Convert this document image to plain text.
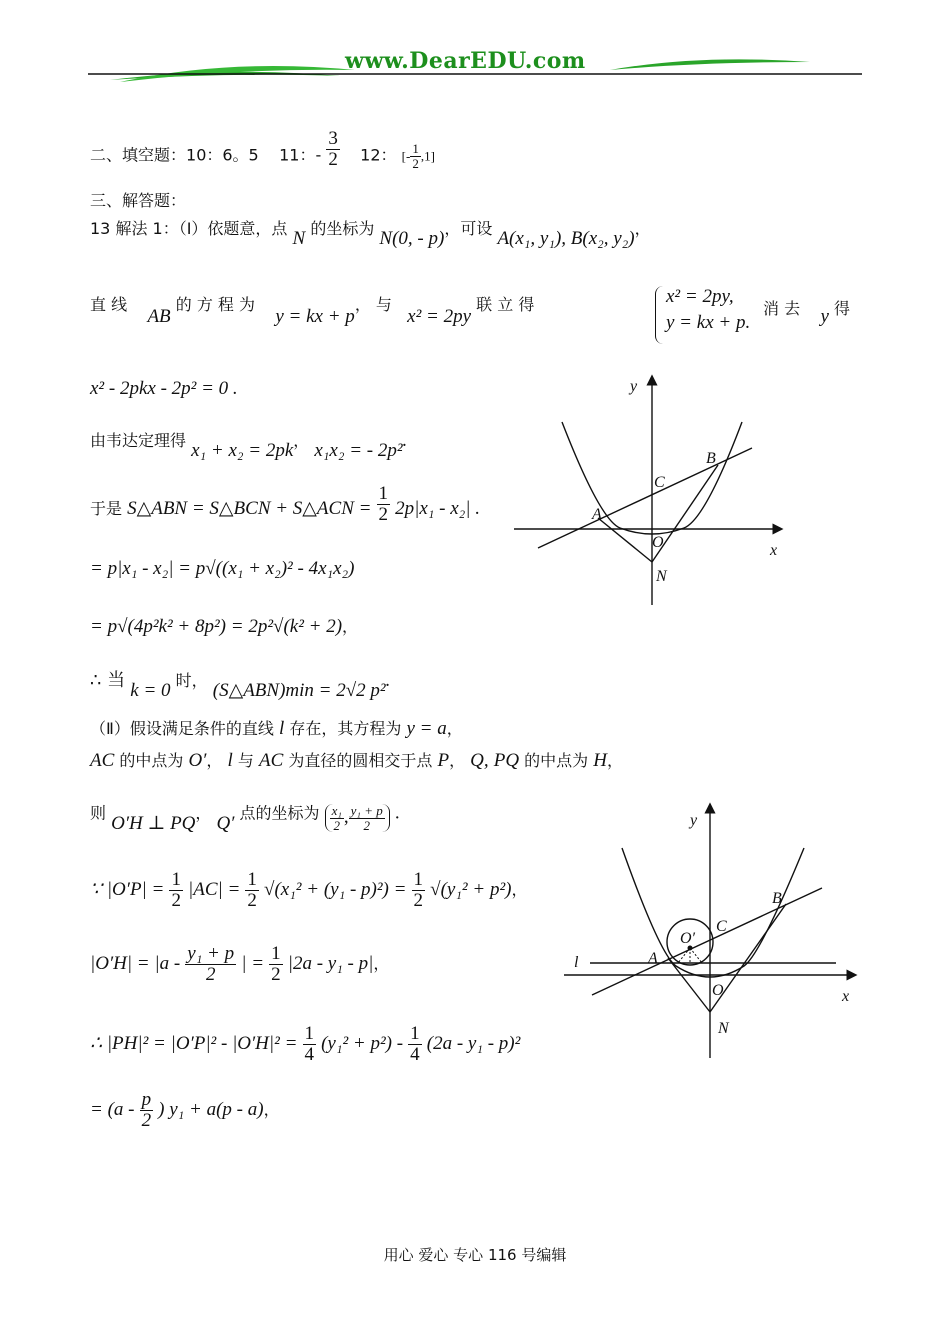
www.DearEDU.com
二、填空题：10：6。5 11：- $\frac{3}{2} 12$： [- $\frac{1}{2} ,1$]
三、解答题：
13 解法 1：（Ⅰ）依题意，点 N 的坐标为 N(0, - p)，可设 A(x₁, y₁), B(x₂, y₂)，
直 线    AB 的 方 程 为    y = kx + p， 与   x² = 2py 联 立 得	x² = 2py,
y = kx + p.
消 去 y 得
x² - 2pkx - 2p² = 0 .
由韦达定理得 x₁ + x₂ = 2pk， x₁x₂ = - 2p².
于是 S△ABN = S△BCN + S△ACN = $\frac{1}{2} 2p|x_1 - x_2|$ .
= p|x₁ - x₂| = p√((x₁ + x₂)² - 4x₁x₂)
= p√(4p²k² + 8p²) = 2p²√(k² + 2)，
∴ 当 k = 0 时， (S△ABN)min = 2√2 p².
（Ⅱ）假设满足条件的直线 l 存在，其方程为 y = a，
AC 的中点为 O′， l 与 AC 为直径的圆相交于点 P， Q, PQ 的中点为 H，
则 O′H ⊥ PQ， Q′ 点的坐标为 $\frac{\text{x₁}}{2}$ , $\frac{\text{y₁ + p}}{2}$ .
∵ $|O'P| = \frac{1}{2} |AC| = \frac{1}{2} √(x_1^2 + (y_1 - p)^2) = \frac{1}{2} √(y_1^2 + p^2)$，
$|O'H| = |a - \frac{\text{y₁ + p}}{2}$ | = $\frac{1}{2} |2a - y_1 - p|$，
∴ $|PH|^2 = |O'P|^2 - |O'H|^2 = \frac{1}{4} (y_1^2 + p^2) - \frac{1}{4} (2a - y_1 - p)^2$
= ($a - \frac{p}{2}$ ) y₁ + a(p - a)，
y
x
A
B
C
O
N
y
x
l	A
B
C
O′
O
N
用心 爱心 专心 116 号编辑
